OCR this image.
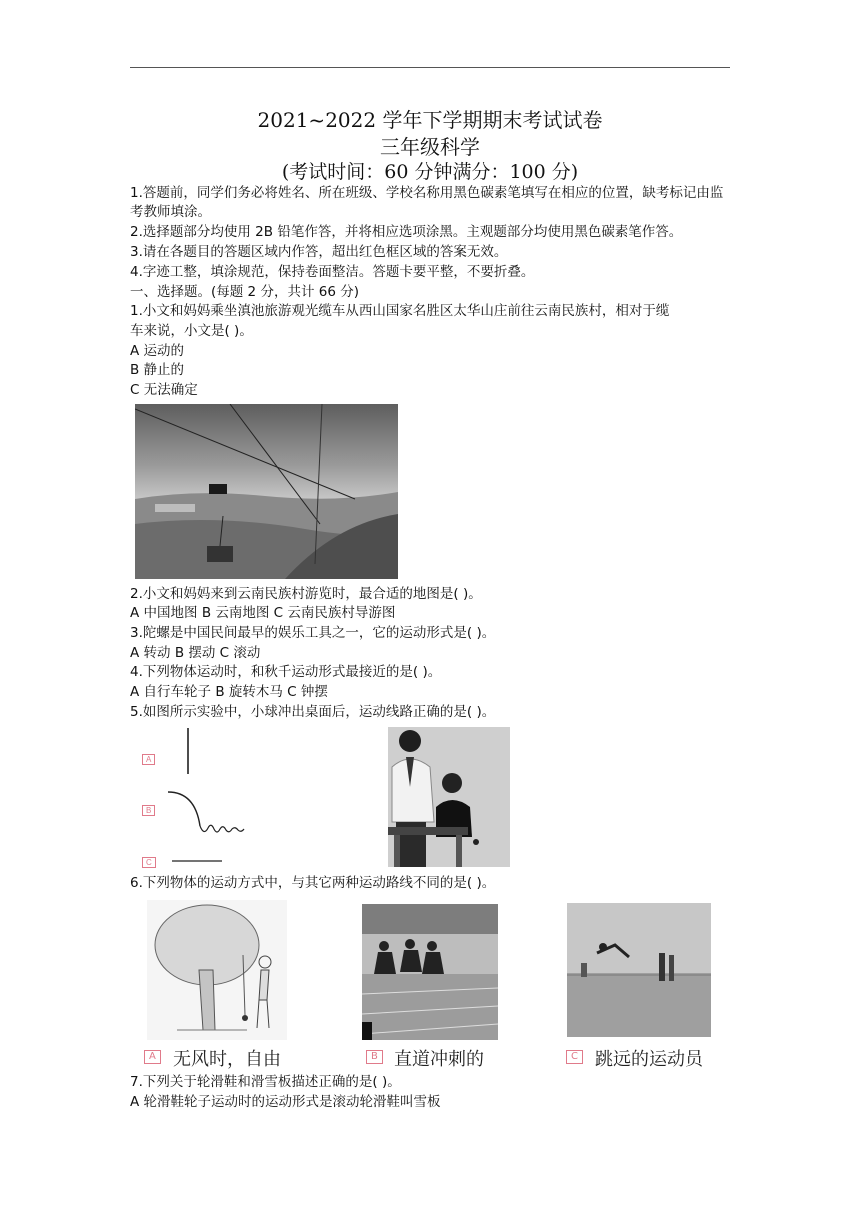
2021~2022 学年下学期期末考试试卷
三年级科学
(考试时间：60 分钟满分：100 分)
1.答题前，同学们务必将姓名、所在班级、学校名称用黑色碳素笔填写在相应的位置，缺考标记由监考教师填涂。
2.选择题部分均使用 2B 铅笔作答，并将相应选项涂黑。主观题部分均使用黑色碳素笔作答。
3.请在各题目的答题区域内作答，超出红色框区域的答案无效。
4.字迹工整，填涂规范，保持卷面整洁。答题卡要平整，不要折叠。
一、选择题。(每题 2 分，共计 66 分)
1.小文和妈妈乘坐滇池旅游观光缆车从西山国家名胜区太华山庄前往云南民族村，相对于缆
车来说，小文是( )。
A 运动的
B 静止的
C 无法确定
2.小文和妈妈来到云南民族村游览时，最合适的地图是( )。
A 中国地图 B 云南地图 C 云南民族村导游图
3.陀螺是中国民间最早的娱乐工具之一，它的运动形式是( )。
A 转动 B 摆动 C 滚动
4.下列物体运动时，和秋千运动形式最接近的是( )。
A 自行车轮子 B 旋转木马 C 钟摆
5.如图所示实验中，小球冲出桌面后，运动线路正确的是( )。
A
B
C
6.下列物体的运动方式中，与其它两种运动路线不同的是( )。
A 无风时，自由	B 直道冲刺的	C 跳远的运动员
7.下列关于轮滑鞋和滑雪板描述正确的是( )。
A 轮滑鞋轮子运动时的运动形式是滚动轮滑鞋叫雪板
